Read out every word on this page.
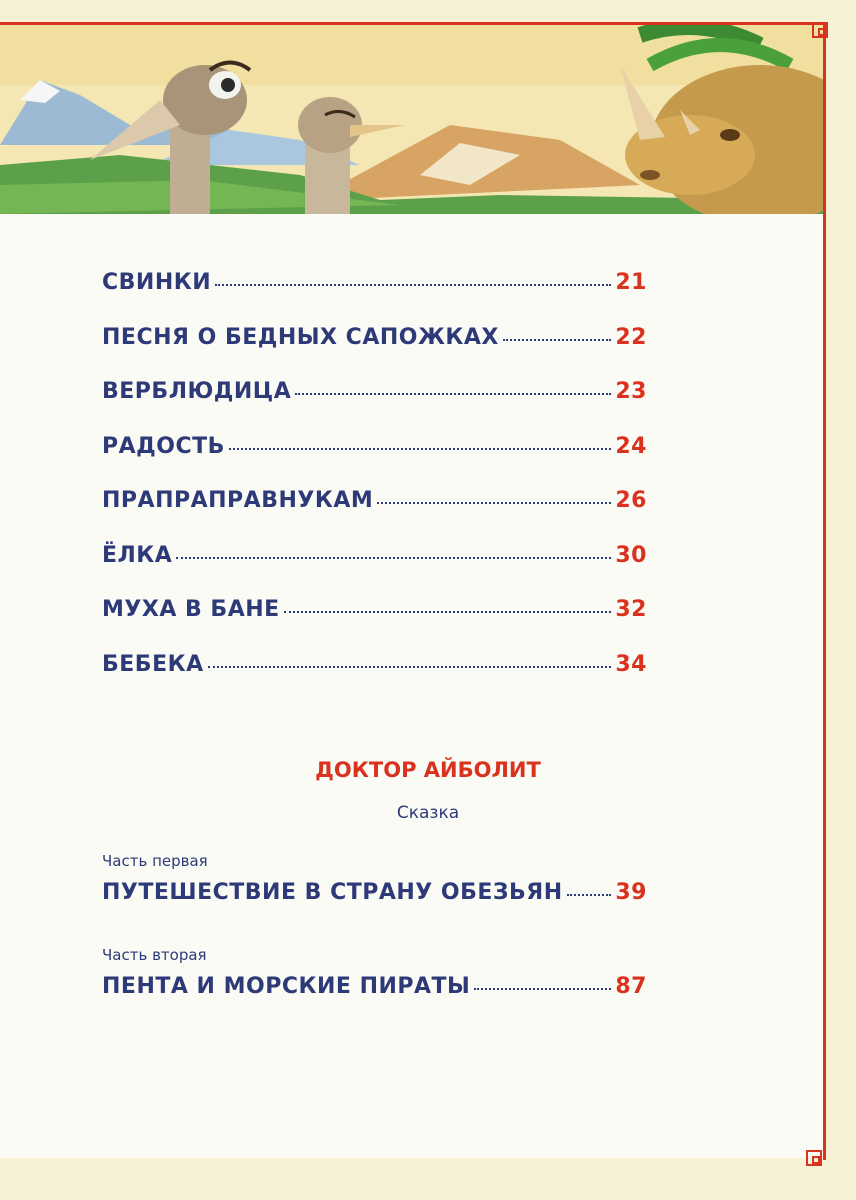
СВИНКИ	21
ПЕСНЯ О БЕДНЫХ САПОЖКАХ	22
ВЕРБЛЮДИЦА	23
РАДОСТЬ	24
ПРАПРАПРАВНУКАМ	26
ЁЛКА	30
МУХА В БАНЕ	32
БЕБЕКА	34
ДОКТОР АЙБОЛИТ
Сказка
Часть первая
ПУТЕШЕСТВИЕ В СТРАНУ ОБЕЗЬЯН 39
Часть вторая
ПЕНТА И МОРСКИЕ ПИРАТЫ	87
